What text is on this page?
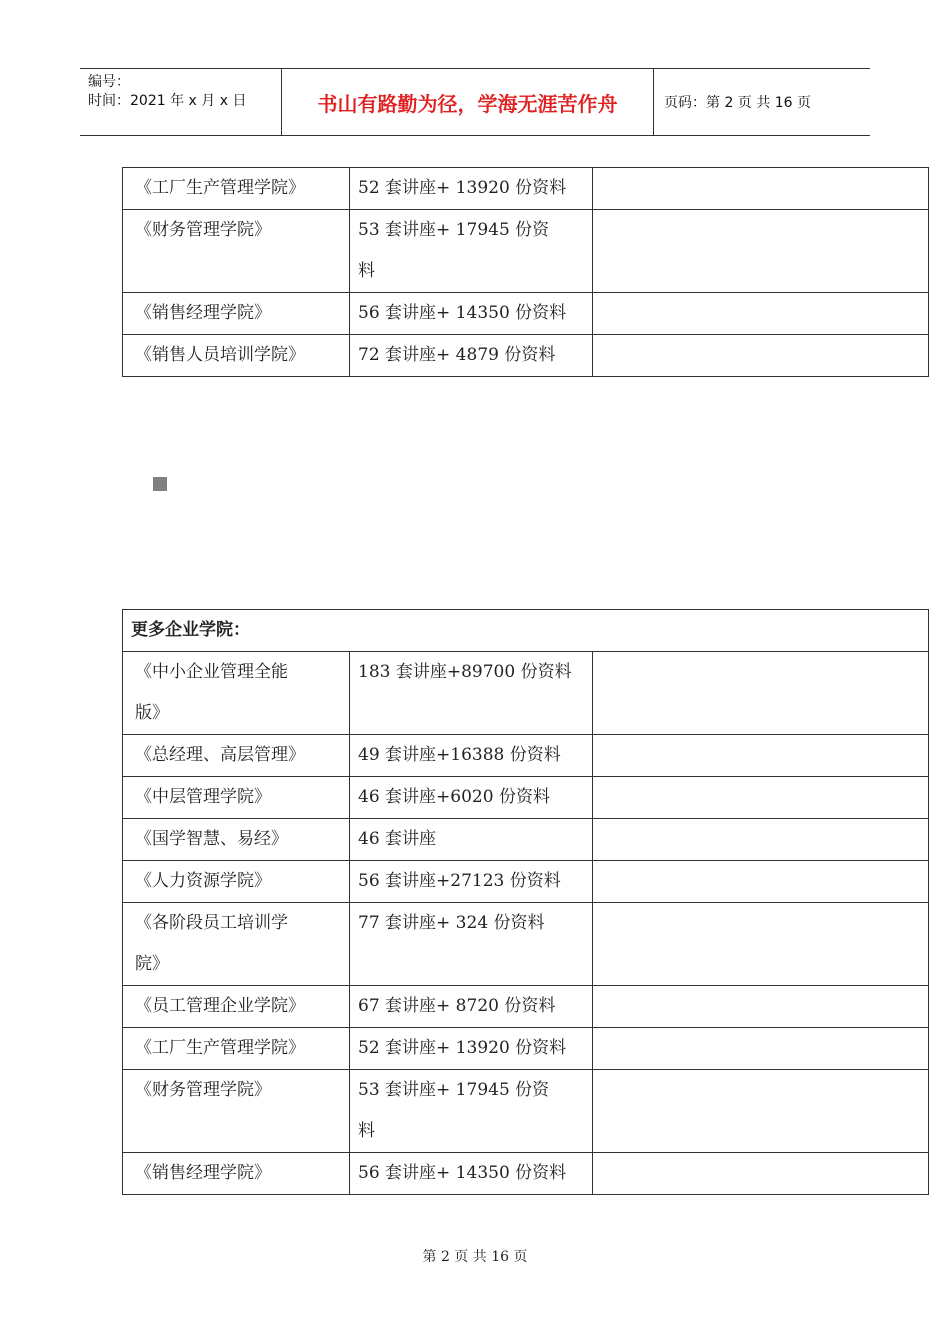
编号：
时间：2021 年 x 月 x 日	书山有路勤为径，学海无涯苦作舟	页码：第 2 页 共 16 页
《工厂生产管理学院》	52 套讲座+ 13920 份资料	

《财务管理学院》	53 套讲座+ 17945 份资
料	

《销售经理学院》	56 套讲座+ 14350 份资料	

《销售人员培训学院》	72 套讲座+ 4879 份资料	

更多企业学院：		

《中小企业管理全能
版》	183 套讲座+89700 份资料	

《总经理、高层管理》	49 套讲座+16388 份资料	

《中层管理学院》	46 套讲座+6020 份资料	

《国学智慧、易经》	46 套讲座	

《人力资源学院》	56 套讲座+27123 份资料	

《各阶段员工培训学
院》	77 套讲座+ 324 份资料	

《员工管理企业学院》	67 套讲座+ 8720 份资料	

《工厂生产管理学院》	52 套讲座+ 13920 份资料	

《财务管理学院》	53 套讲座+ 17945 份资
料	

《销售经理学院》	56 套讲座+ 14350 份资料	

第 2 页 共 16 页
